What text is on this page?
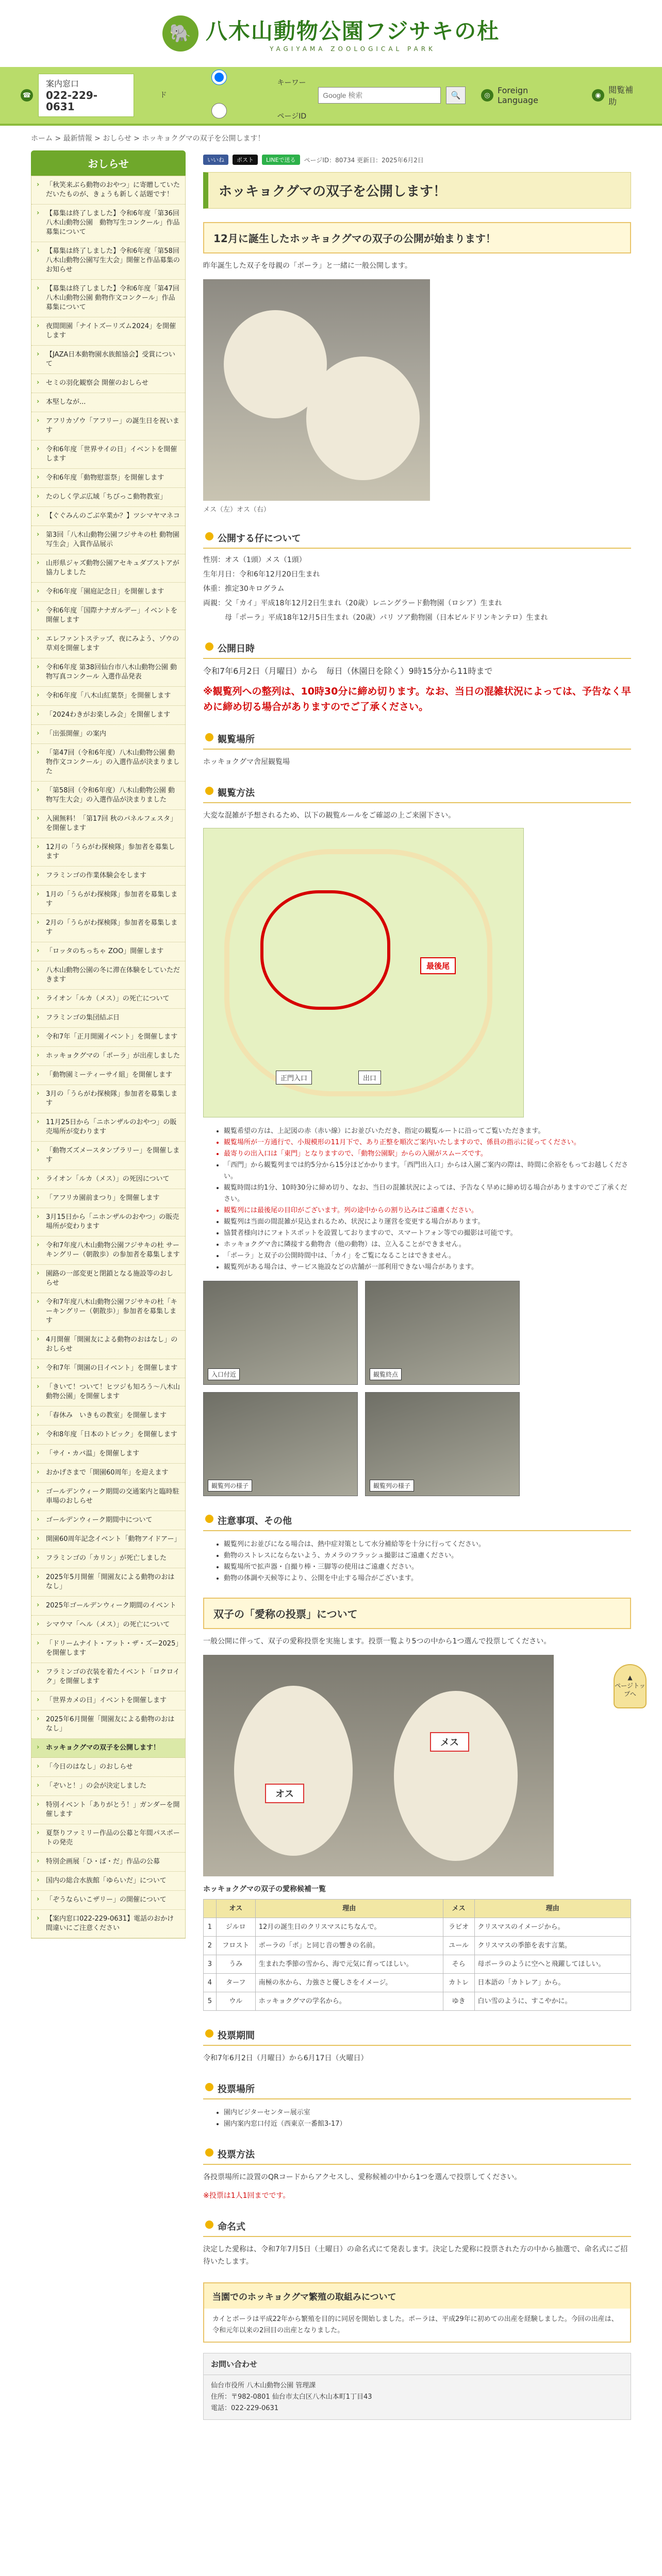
🐘 八木山動物公園フジサキの杜
YAGIYAMA ZOOLOGICAL PARK
☎
案内窓口
022-229-0631
キーワード
ページID
Google 検索
🔍	◎ Foreign Language	◉
閲覧補助
ホーム > 最新情報 > おしらせ > ホッキョクグマの双子を公開します！
おしらせ
› 「秋笑来ぶら動物のおやつ」に寄贈していただいたものが、きょうも新しく話題です！
› 【募集は終了しました】令和6年度「第36回八木山動物公園　動物写生コンクール」作品募集について
› 【募集は終了しました】令和6年度「第58回 八木山動物公園写生大会」開催と作品募集のお知らせ
› 【募集は終了しました】令和6年度「第47回 八木山動物公園 動物作文コンクール」作品募集について
› 夜間開園「ナイトズーリズム2024」を開催します
› 【JAZA日本動物園水族館協会】受賞について
› セミの羽化観察会 開催のおしらせ
› 本堅しなが...
› アフリカゾウ「アフリー」の誕生日を祝います
› 令和6年度「世界サイの日」イベントを開催します
› 令和6年度「動物慰霊祭」を開催します
› たのしく学ぶ広域「ちびっこ動物教室」
› 【ぐぐみんのごぶ卒業か？】ツシマヤマネコ
› 第3回「八木山動物公園フジサキの杜 動物園写生会」入賞作品展示
› 山形県ジャズ動物公園アセキュダブストアが協力しました
› 令和6年度「園庭記念日」を開催します
› 令和6年度「国際ナナガルデー」イベントを開催します
› エレファントステップ、夜にみよう、ゾウの草刈を開催します
› 令和6年度 第38回仙台市八木山動物公園 動物写真コンクール 入選作品発表
› 令和6年度「八木山紅葉祭」を開催します
› 「2024わきがお楽しみ会」を開催します
› 「出張開催」の案内
› 「第47回（令和6年度）八木山動物公園 動物作文コンクール」の入選作品が決まりました
› 「第58回（令和6年度）八木山動物公園 動物写生大会」の入選作品が決まりました
› 入園無料！「第17回 秋のパネルフェスタ」を開催します
› 12月の「うらがわ探検隊」参加者を募集します
› フラミンゴの作業体験会をします
› 1月の「うらがわ探検隊」参加者を募集します
› 2月の「うらがわ探検隊」参加者を募集します
› 「ロッタのちっちゃ ZOO」開催します
› 八木山動物公園の冬に滞在体験をしていただきます
› ライオン「ルカ（メス）」の死亡について
› フラミンゴの集団結ぶ日
› 令和7年「正月開園イベント」を開催します
› ホッキョクグマの「ポーラ」が出産しました
› 「動物園ミーティーサイ組」を開催します
› 3月の「うらがわ探検隊」参加者を募集します
› 11月25日から「ニホンザルのおやつ」の販売場所が変わります
› 「動物ズズメースタンプラリー」を開催します
› ライオン「ルカ（メス）」の死因について
› 「アフリカ園前まつり」を開催します
› 3月15日から「ニホンザルのおやつ」の販売場所が変わります
› 令和7年度八木山動物公園フジサキの杜 サーキングリー（朝散歩）の参加者を募集します
› 園路の一部変更と閉鎖となる施設等のおしらせ
› 令和7年度八木山動物公園フジサキの杜「キーキングリー（朝散歩）」参加者を募集します
› 4月開催「開園友による動物のおはなし」のおしらせ
› 令和7年「開園の日イベント」を開催します
› 「きいて！ついて！ヒツジも知ろう～八木山動物公園」を開催します
› 「春休み　いきもの教室」を開催します
› 令和8年度「日本のトピック」を開催します
› 「サイ・カバ温」を開催します
› おかげさまで「開園60周年」を迎えます
› ゴールデンウィーク期間の交通案内と臨時駐車場のおしらせ
› ゴールデンウィーク期間中について
› 開園60周年記念イベント「動物アイドアー」
› フラミンゴの「カリン」が死亡しました
› 2025年5月開催「開園友による動物のおはなし」
› 2025年ゴールデンウィーク期間のイベント
› シマウマ「ヘル（メス）」の死亡について
› 「ドリームナイト・アット・ザ・ズー2025」を開催します
› フラミンゴの衣装を着たイベント「ロクロイク」を開催します
› 「世界カメの日」イベントを開催します
› 2025年6月開催「開園友による動物のおはなし」
› ホッキョクグマの双子を公開します！
› 「今日のはなし」のおしらせ
› 「ぞいと！」の会が決定しました
› 特別イベント「ありがとう！」ガンダーを開催します
› 夏祭りファミリー作品の公募と年間パスポートの発売
› 特別企画展「ひ・ば・だ」作品の公募
› 国内の総合水族館「ゆらいだ」について
› 「ぞうならいこザリー」の開催について
› 【案内窓口022-229-0631】電話のおかけ間違いにご注意ください
いいね	ポスト	LINEで送る	ページID：80734 更新日：2025年6月2日
ホッキョクグマの双子を公開します！
12月に誕生したホッキョクグマの双子の公開が始まります！

昨年誕生した双子を母親の「ポーラ」と一緒に一般公開します。

メス（左）オス（右）
公開する仔について

性別：オス（1頭）メス（1頭）

生年月日：令和6年12月20日生まれ

体重：推定30キログラム

両親：父「カイ」平成18年12月2日生まれ（20歳）レニングラード動物園（ロシア）生まれ

　　　母「ポーラ」平成18年12月5日生まれ（20歳）パリ ソア動物園（日本ピルドリンキンテロ）生まれ

公開日時

令和7年6月2日（月曜日）から　毎日（休園日を除く）9時15分から11時まで

※観覧列への整列は、10時30分に締め切ります。なお、当日の混雑状況によっては、予告なく早めに締め切る場合がありますのでご了承ください。
観覧場所

ホッキョクグマ舎屋観覧場

観覧方法

大変な混雑が予想されるため、以下の観覧ルールをご確認の上ご来園下さい。

最後尾
正門入口	出口
• 観覧希望の方は、上記図の赤（赤い線）にお並びいただき、指定の観覧ルートに沿ってご覧いただきます。
• 観覧場所が一方通行で、小規模形の11月下で、あり正整を順次ご案内いたしますので、係員の指示に従ってください。
• 最寄りの出入口は「東門」となりますので、「動物公園駅」からの入園がスムーズです。
• 「西門」から観覧列までは約5分から15分ほどかかります。「西門出入口」からは入園ご案内の際は、時間に余裕をもってお越しください。
• 観覧時間は約1分、10時30分に締め切り、なお、当日の混雑状況によっては、予告なく早めに締め切る場合がありますのでご了承ください。
• 観覧列には最後尾の目印がございます。列の途中からの割り込みはご遠慮ください。
• 観覧列は当面の間混雑が見込まれるため、状況により運営を変更する場合があります。
• 協賛者様向けにフォトスポットを設置しておりますので、スマートフォン等での撮影は可能です。
• ホッキョクグマ舎に隣接する動物舎（他の動物）は、立入ることができません。
• 「ポーラ」と双子の公開時間中は、「カイ」をご覧になることはできません。
• 観覧列がある場合は、サービス施設などの店舗が一部利用できない場合があります。
入口付近	観覧終点
観覧列の様子	観覧列の様子
注意事項、その他
• 観覧列にお並びになる場合は、熱中症対策として水分補給等を十分に行ってください。
• 動物のストレスにならないよう、カメラのフラッシュ撮影はご遠慮ください。
• 観覧場所で拡声器・自撮り棒・三脚等の使用はご遠慮ください。
• 動物の体調や天候等により、公開を中止する場合がございます。
双子の「愛称の投票」について

一般公開に伴って、双子の愛称投票を実施します。投票一覧より5つの中から1つ選んで投票してください。

オス
メス
ホッキョクグマの双子の愛称候補一覧
	オス	理由	メス	理由
1	ジルロ	12月の誕生日のクリスマスにちなんで。	ラビオ	クリスマスのイメージから。
2	フロスト	ポーラの「ポ」と同じ音の響きの名前。	ユール	クリスマスの季節を表す言葉。
3	うみ	生まれた季節の雪から、海で元気に育ってほしい。	そら	母ポーラのように空へと飛躍してほしい。
4	ターフ	南極の氷から、力強さと優しさをイメージ。	カトレ	日本語の「カトレア」から。
5	ウル	ホッキョクグマの学名から。	ゆき	白い雪のように、すこやかに。
投票期間

令和7年6月2日（月曜日）から6月17日（火曜日）

投票場所
• 園内ビジターセンター展示室
• 園内案内窓口付近（西東京一番館3-17）
投票方法

各投票場所に設置のQRコードからアクセスし、愛称候補の中から1つを選んで投票してください。

※投票は1人1回までです。

命名式

決定した愛称は、令和7年7月5日（土曜日）の命名式にて発表します。決定した愛称に投票された方の中から抽選で、命名式にご招待いたします。

当園でのホッキョクグマ繁殖の取組みについて
カイとポーラは平成22年から繁殖を目的に同居を開始しました。ポーラは、平成29年に初めての出産を経験しました。今回の出産は、令和元年以来の2回目の出産となりました。
お問い合わせ
仙台市役所 八木山動物公園 管理課
住所：〒982-0801 仙台市太白区八木山本町1丁目43
電話：022-229-0631
▲
ページトップへ
